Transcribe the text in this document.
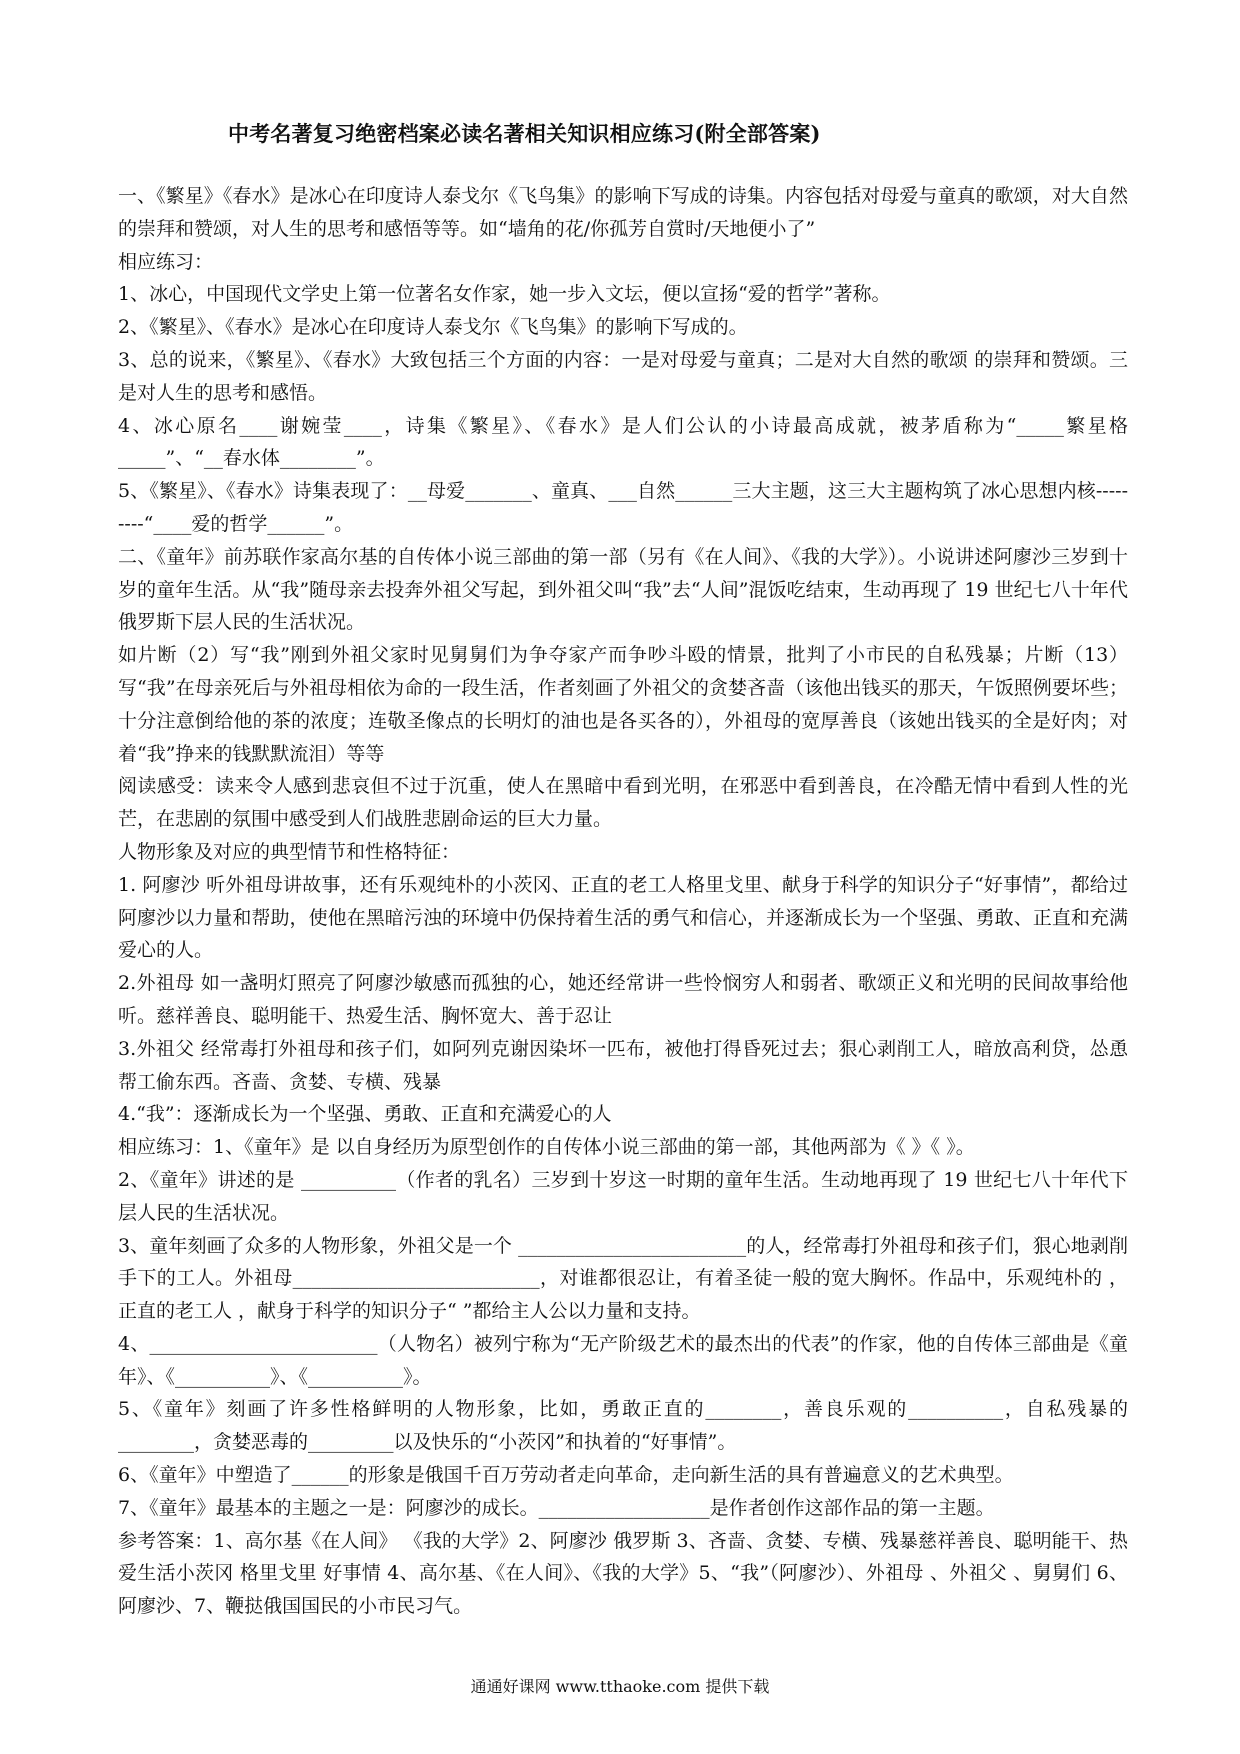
中考名著复习绝密档案必读名著相关知识相应练习(附全部答案)

一、《繁星》《春水》是冰心在印度诗人泰戈尔《飞鸟集》的影响下写成的诗集。内容包括对母爱与童真的歌颂，对大自然的崇拜和赞颂，对人生的思考和感悟等等。如“墙角的花/你孤芳自赏时/天地便小了”

相应练习：

1、冰心，中国现代文学史上第一位著名女作家，她一步入文坛，便以宣扬“爱的哲学”著称。

2、《繁星》、《春水》是冰心在印度诗人泰戈尔《飞鸟集》的影响下写成的。

3、总的说来，《繁星》、《春水》大致包括三个方面的内容：一是对母爱与童真；二是对大自然的歌颂 的崇拜和赞颂。三是对人生的思考和感悟。

4、冰心原名____谢婉莹____，诗集《繁星》、《春水》是人们公认的小诗最高成就，被茅盾称为“_____繁星格_____”、“__春水体________”。

5、《繁星》、《春水》诗集表现了：__母爱_______、童真、___自然______三大主题，这三大主题构筑了冰心思想内核---------“____爱的哲学______”。

二、《童年》前苏联作家高尔基的自传体小说三部曲的第一部（另有《在人间》、《我的大学》）。小说讲述阿廖沙三岁到十岁的童年生活。从“我”随母亲去投奔外祖父写起，到外祖父叫“我”去“人间”混饭吃结束，生动再现了 19 世纪七八十年代俄罗斯下层人民的生活状况。

如片断（2）写“我”刚到外祖父家时见舅舅们为争夺家产而争吵斗殴的情景，批判了小市民的自私残暴；片断（13）写“我”在母亲死后与外祖母相依为命的一段生活，作者刻画了外祖父的贪婪吝啬（该他出钱买的那天，午饭照例要坏些；十分注意倒给他的茶的浓度；连敬圣像点的长明灯的油也是各买各的），外祖母的宽厚善良（该她出钱买的全是好肉；对着“我”挣来的钱默默流泪）等等

阅读感受：读来令人感到悲哀但不过于沉重，使人在黑暗中看到光明，在邪恶中看到善良，在冷酷无情中看到人性的光芒，在悲剧的氛围中感受到人们战胜悲剧命运的巨大力量。

人物形象及对应的典型情节和性格特征：

1. 阿廖沙 听外祖母讲故事，还有乐观纯朴的小茨冈、正直的老工人格里戈里、献身于科学的知识分子“好事情”，都给过阿廖沙以力量和帮助，使他在黑暗污浊的环境中仍保持着生活的勇气和信心，并逐渐成长为一个坚强、勇敢、正直和充满爱心的人。

2.外祖母 如一盏明灯照亮了阿廖沙敏感而孤独的心，她还经常讲一些怜悯穷人和弱者、歌颂正义和光明的民间故事给他听。慈祥善良、聪明能干、热爱生活、胸怀宽大、善于忍让

3.外祖父 经常毒打外祖母和孩子们，如阿列克谢因染坏一匹布，被他打得昏死过去；狠心剥削工人，暗放高利贷，怂恿帮工偷东西。吝啬、贪婪、专横、残暴

4.“我”：逐渐成长为一个坚强、勇敢、正直和充满爱心的人

相应练习：1、《童年》是 以自身经历为原型创作的自传体小说三部曲的第一部，其他两部为《 》《 》。

2、《童年》讲述的是 __________（作者的乳名）三岁到十岁这一时期的童年生活。生动地再现了 19 世纪七八十年代下层人民的生活状况。

3、童年刻画了众多的人物形象，外祖父是一个 ________________________的人，经常毒打外祖母和孩子们，狠心地剥削手下的工人。外祖母__________________________，对谁都很忍让，有着圣徒一般的宽大胸怀。作品中，乐观纯朴的 ，正直的老工人 ，献身于科学的知识分子“ ”都给主人公以力量和支持。

4、________________________（人物名）被列宁称为“无产阶级艺术的最杰出的代表”的作家，他的自传体三部曲是《童年》、《__________》、《__________》。

5、《童年》刻画了许多性格鲜明的人物形象，比如，勇敢正直的________，善良乐观的__________，自私残暴的________，贪婪恶毒的_________以及快乐的“小茨冈”和执着的“好事情”。

6、《童年》中塑造了______的形象是俄国千百万劳动者走向革命，走向新生活的具有普遍意义的艺术典型。

7、《童年》最基本的主题之一是：阿廖沙的成长。__________________是作者创作这部作品的第一主题。

参考答案：1、高尔基《在人间》 《我的大学》2、阿廖沙 俄罗斯 3、吝啬、贪婪、专横、残暴慈祥善良、聪明能干、热爱生活小茨冈 格里戈里 好事情 4、高尔基、《在人间》、《我的大学》5、“我”（阿廖沙）、外祖母 、外祖父 、舅舅们 6、阿廖沙、7、鞭挞俄国国民的小市民习气。

通通好课网 www.tthaoke.com 提供下载
